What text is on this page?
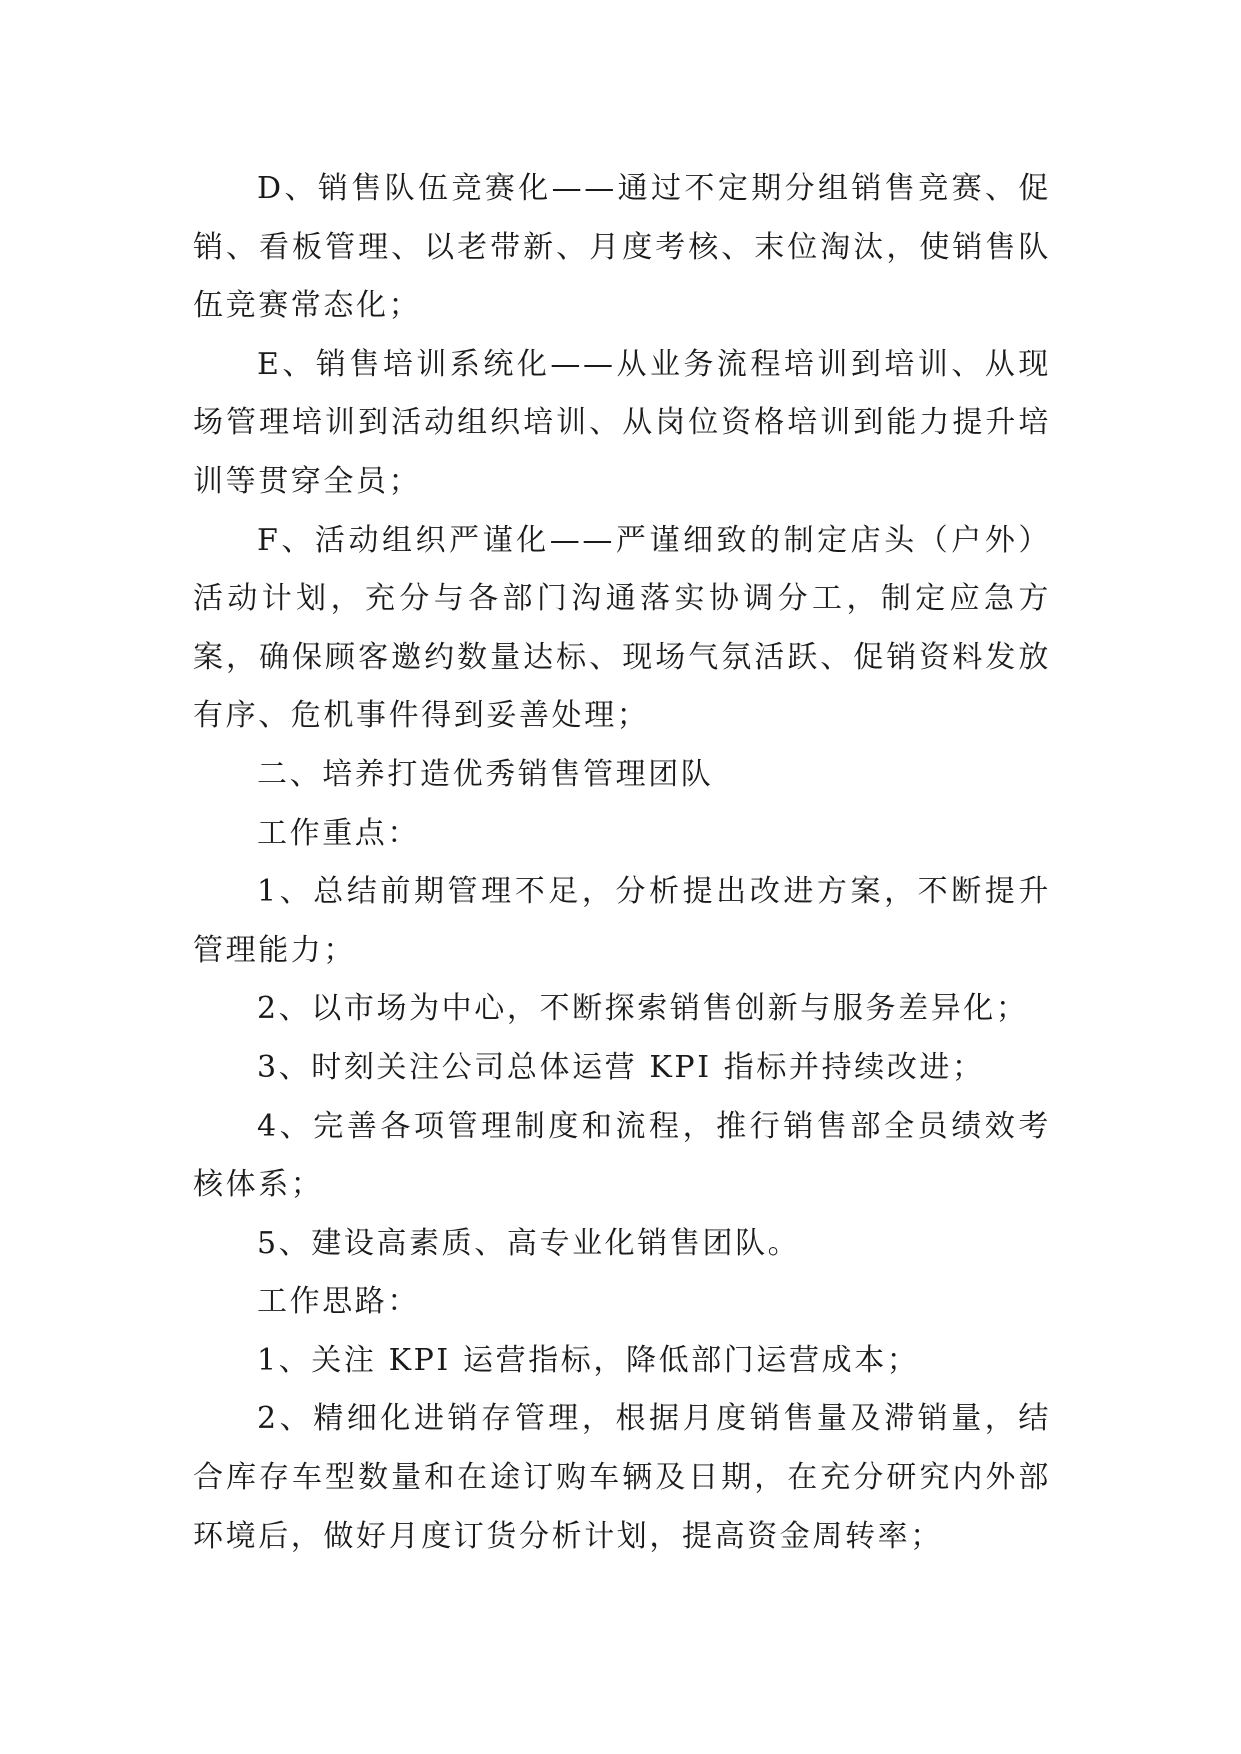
D、销售队伍竞赛化——通过不定期分组销售竞赛、促销、看板管理、以老带新、月度考核、末位淘汰，使销售队伍竞赛常态化；

E、销售培训系统化——从业务流程培训到培训、从现场管理培训到活动组织培训、从岗位资格培训到能力提升培训等贯穿全员；

F、活动组织严谨化——严谨细致的制定店头（户外）活动计划，充分与各部门沟通落实协调分工，制定应急方案，确保顾客邀约数量达标、现场气氛活跃、促销资料发放有序、危机事件得到妥善处理；

二、培养打造优秀销售管理团队

工作重点：

1、总结前期管理不足，分析提出改进方案，不断提升管理能力；

2、以市场为中心，不断探索销售创新与服务差异化；

3、时刻关注公司总体运营 KPI 指标并持续改进；

4、完善各项管理制度和流程，推行销售部全员绩效考核体系；

5、建设高素质、高专业化销售团队。

工作思路：

1、关注 KPI 运营指标，降低部门运营成本；

2、精细化进销存管理，根据月度销售量及滞销量，结合库存车型数量和在途订购车辆及日期，在充分研究内外部环境后，做好月度订货分析计划，提高资金周转率；
